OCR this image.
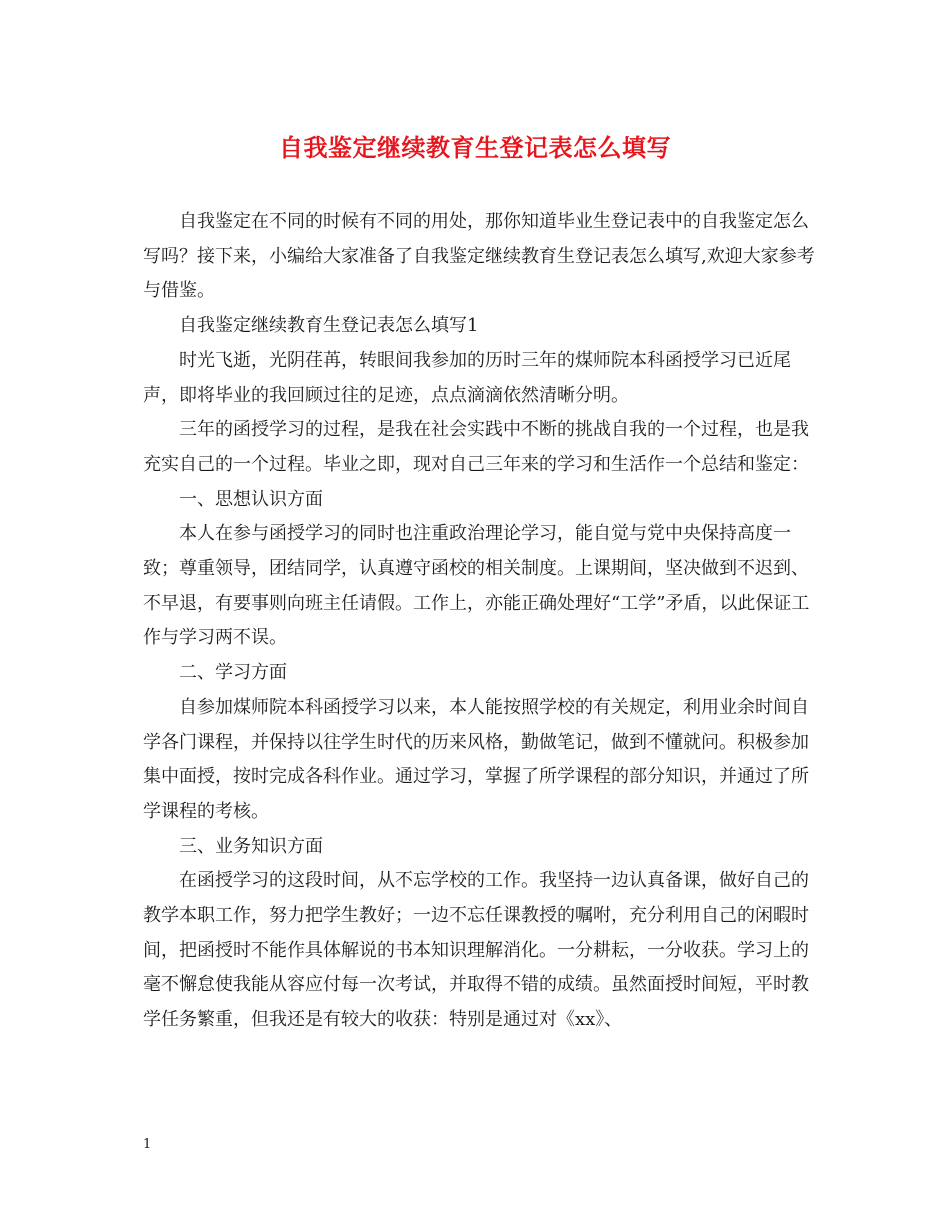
自我鉴定继续教育生登记表怎么填写

自我鉴定在不同的时候有不同的用处，那你知道毕业生登记表中的自我鉴定怎么写吗？接下来，小编给大家准备了自我鉴定继续教育生登记表怎么填写,欢迎大家参考与借鉴。

自我鉴定继续教育生登记表怎么填写1

时光飞逝，光阴荏苒，转眼间我参加的历时三年的煤师院本科函授学习已近尾声，即将毕业的我回顾过往的足迹，点点滴滴依然清晰分明。

三年的函授学习的过程，是我在社会实践中不断的挑战自我的一个过程，也是我充实自己的一个过程。毕业之即，现对自己三年来的学习和生活作一个总结和鉴定：

一、思想认识方面

本人在参与函授学习的同时也注重政治理论学习，能自觉与党中央保持高度一致；尊重领导，团结同学，认真遵守函校的相关制度。上课期间，坚决做到不迟到、不早退，有要事则向班主任请假。工作上，亦能正确处理好“工学”矛盾，以此保证工作与学习两不误。

二、学习方面

自参加煤师院本科函授学习以来，本人能按照学校的有关规定，利用业余时间自学各门课程，并保持以往学生时代的历来风格，勤做笔记，做到不懂就问。积极参加集中面授，按时完成各科作业。通过学习，掌握了所学课程的部分知识，并通过了所学课程的考核。

三、业务知识方面

在函授学习的这段时间，从不忘学校的工作。我坚持一边认真备课，做好自己的教学本职工作，努力把学生教好；一边不忘任课教授的嘱咐，充分利用自己的闲暇时间，把函授时不能作具体解说的书本知识理解消化。一分耕耘，一分收获。学习上的毫不懈怠使我能从容应付每一次考试，并取得不错的成绩。虽然面授时间短，平时教学任务繁重，但我还是有较大的收获：特别是通过对《xx》、

1
